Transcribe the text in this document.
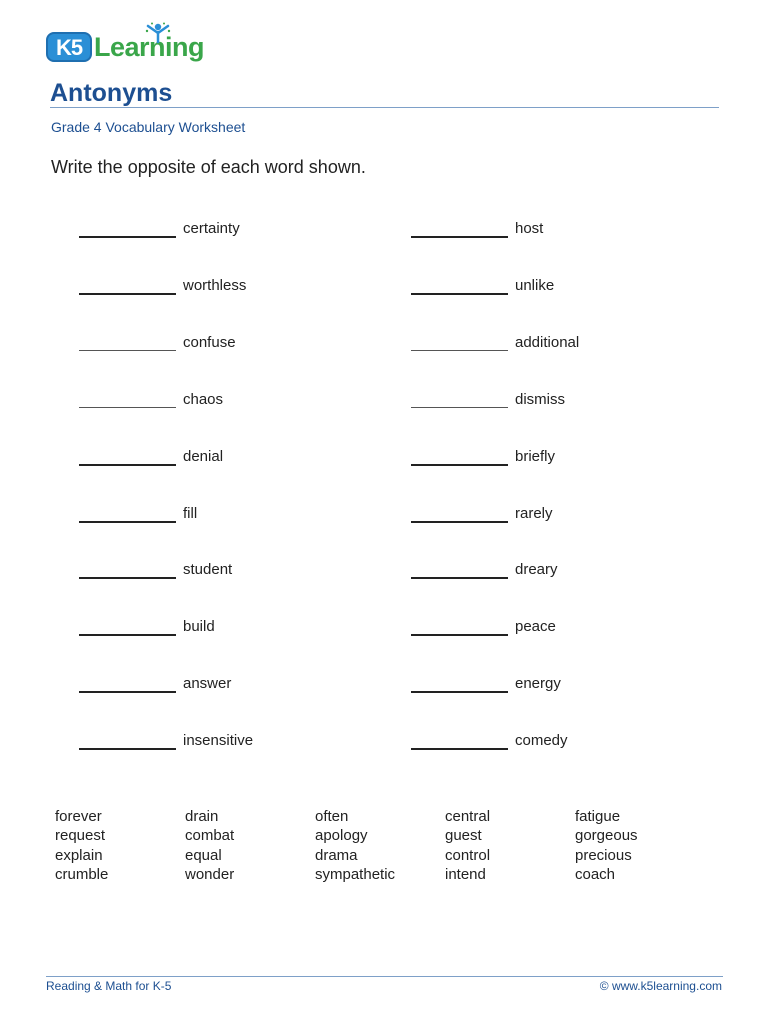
K5 Learning
Antonyms
Grade 4 Vocabulary Worksheet
Write the opposite of each word shown.
certainty
worthless
confuse
chaos
denial
fill
student
build
answer
insensitive
host
unlike
additional
dismiss
briefly
rarely
dreary
peace
energy
comedy
forever
request
explain
crumble
drain
combat
equal
wonder
often
apology
drama
sympathetic
central
guest
control
intend
fatigue
gorgeous
precious
coach
Reading & Math for K-5	© www.k5learning.com
